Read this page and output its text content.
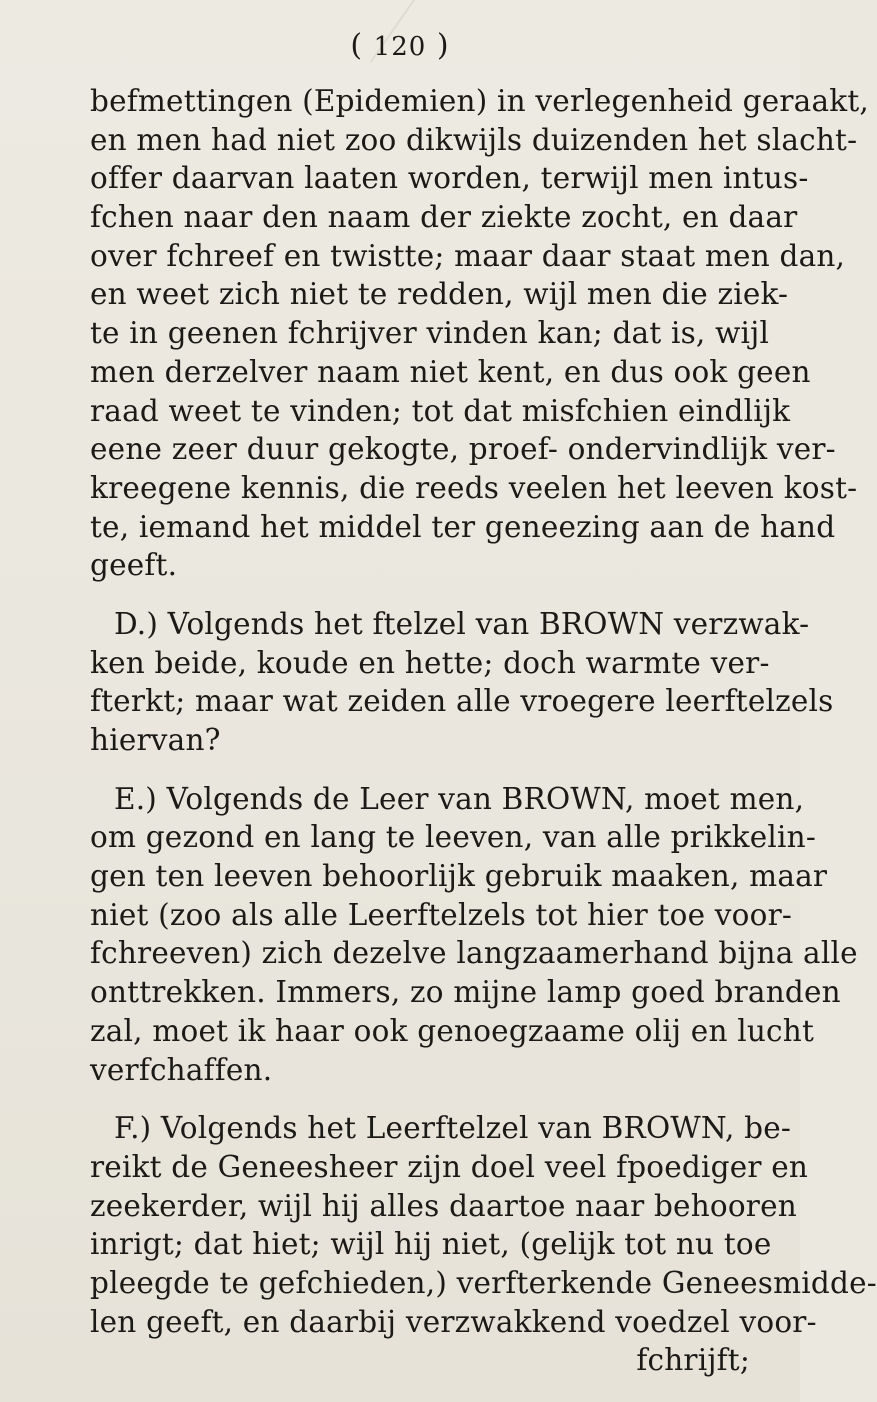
( 120 )
befmettingen (Epidemien) in verlegenheid geraakt,
en men had niet zoo dikwijls duizenden het slacht-
offer daarvan laaten worden, terwijl men intus-
fchen naar den naam der ziekte zocht, en daar
over fchreef en twistte; maar daar staat men dan,
en weet zich niet te redden, wijl men die ziek-
te in geenen fchrijver vinden kan; dat is, wijl
men derzelver naam niet kent, en dus ook geen
raad weet te vinden; tot dat misfchien eindlijk
eene zeer duur gekogte, proef- ondervindlijk ver-
kreegene kennis, die reeds veelen het leeven kost-
te, iemand het middel ter geneezing aan de hand
geeft.
D.) Volgends het ftelzel van BROWN verzwak-
ken beide, koude en hette; doch warmte ver-
fterkt; maar wat zeiden alle vroegere leerftelzels
hiervan?
E.) Volgends de Leer van BROWN, moet men,
om gezond en lang te leeven, van alle prikkelin-
gen ten leeven behoorlijk gebruik maaken, maar
niet (zoo als alle Leerftelzels tot hier toe voor-
fchreeven) zich dezelve langzaamerhand bijna alle
onttrekken. Immers, zo mijne lamp goed branden
zal, moet ik haar ook genoegzaame olij en lucht
verfchaffen.
F.) Volgends het Leerftelzel van BROWN, be-
reikt de Geneesheer zijn doel veel fpoediger en
zeekerder, wijl hij alles daartoe naar behooren
inrigt; dat hiet; wijl hij niet, (gelijk tot nu toe
pleegde te gefchieden,) verfterkende Geneesmidde-
len geeft, en daarbij verzwakkend voedzel voor-
fchrijft;
